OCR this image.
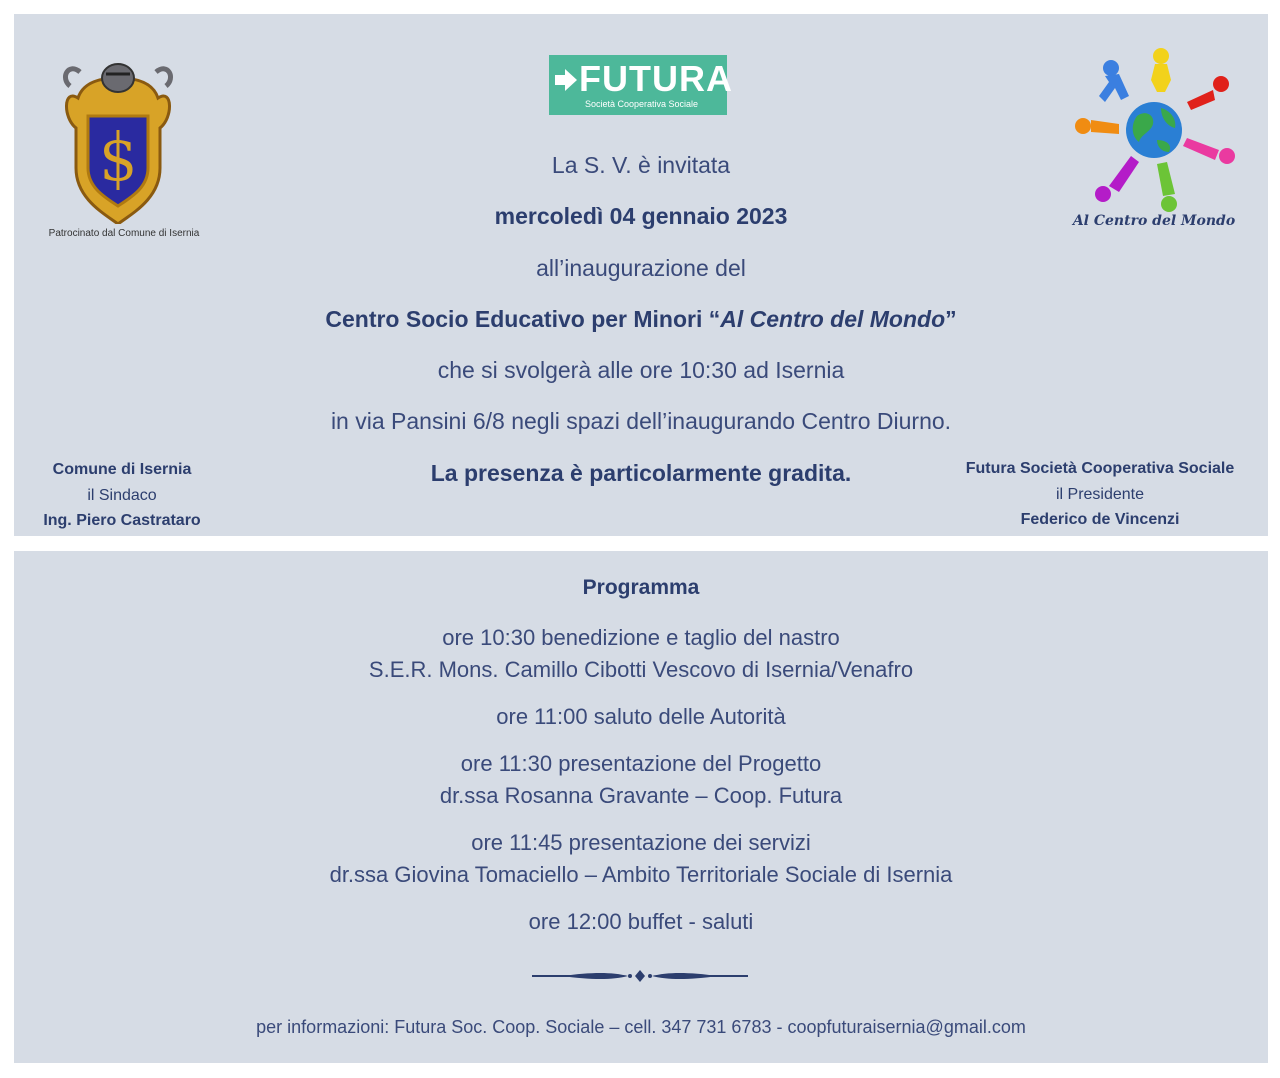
S
Patrocinato dal Comune di Isernia
FUTURA
Società Cooperativa Sociale
Al Centro del Mondo
La S. V. è invitata
mercoledì 04 gennaio 2023
all’inaugurazione del
Centro Socio Educativo per Minori “Al Centro del Mondo”
che si svolgerà alle ore 10:30 ad Isernia
in via Pansini 6/8 negli spazi dell’inaugurando Centro Diurno.
La presenza è particolarmente gradita.
Comune di Isernia
il Sindaco
Ing. Piero Castrataro
Futura Società Cooperativa Sociale
il Presidente
Federico de Vincenzi
Programma
ore 10:30 benedizione e taglio del nastro
S.E.R. Mons. Camillo Cibotti Vescovo di Isernia/Venafro
ore 11:00 saluto delle Autorità
ore 11:30 presentazione del Progetto
dr.ssa Rosanna Gravante – Coop. Futura
ore 11:45 presentazione dei servizi
dr.ssa Giovina Tomaciello – Ambito Territoriale Sociale di Isernia
ore 12:00 buffet - saluti
per informazioni: Futura Soc. Coop. Sociale – cell. 347 731 6783 - coopfuturaisernia@gmail.com
